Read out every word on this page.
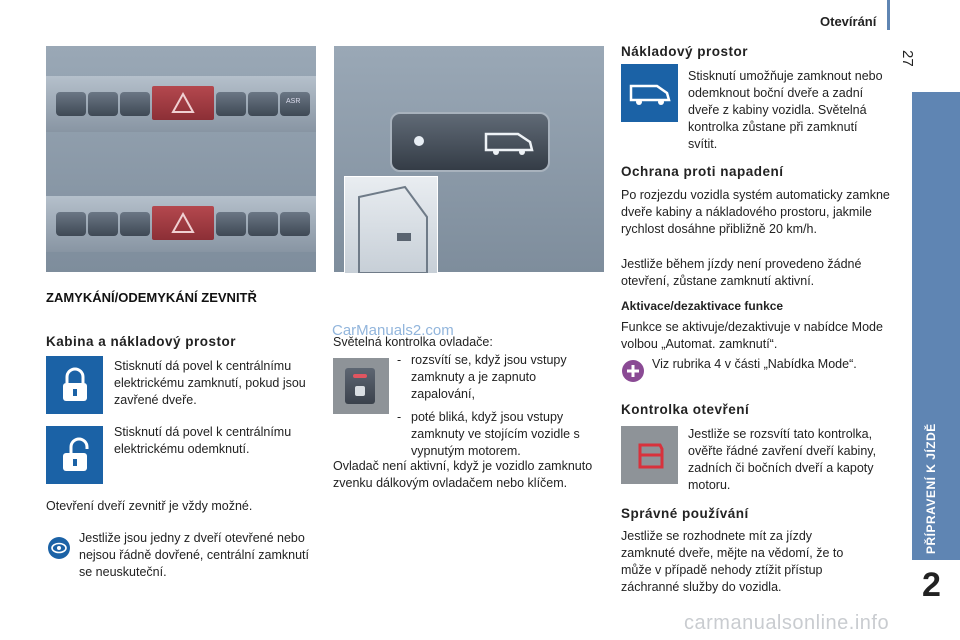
Otevírání
27
PŘÍPRAVENÍ K JÍZDĚ
2
ASR
ZAMYKÁNÍ/ODEMYKÁNÍ ZEVNITŘ
Kabina a nákladový prostor
Stisknutí dá povel k centrálnímu elektrickému zamknutí, pokud jsou zavřené dveře.
Stisknutí dá povel k centrálnímu elektrickému odemknutí.
Otevření dveří zevnitř je vždy možné.
Jestliže jsou jedny z dveří otevřené nebo nejsou řádně dovřené, centrální zamknutí se neuskuteční.
CarManuals2.com
Světelná kontrolka ovladače:
- rozsvítí se, když jsou vstupy zamknuty a je zapnuto zapalování,
- poté bliká, když jsou vstupy zamknuty ve stojícím vozidle s vypnutým motorem.
Ovladač není aktivní, když je vozidlo zamknuto zvenku dálkovým ovladačem nebo klíčem.
Nákladový prostor
Stisknutí umožňuje zamknout nebo odemknout boční dveře a zadní dveře z kabiny vozidla. Světelná kontrolka zůstane při zamknutí svítit.
Ochrana proti napadení
Po rozjezdu vozidla systém automaticky zamkne dveře kabiny a nákladového prostoru, jakmile rychlost dosáhne přibližně 20 km/h.
Jestliže během jízdy není provedeno žádné otevření, zůstane zamknutí aktivní.
Aktivace/dezaktivace funkce
Funkce se aktivuje/dezaktivuje v nabídce Mode volbou „Automat. zamknutí“.
Viz rubrika 4 v části „Nabídka Mode“.
Kontrolka otevření
Jestliže se rozsvítí tato kontrolka, ověřte řádné zavření dveří kabiny, zadních či bočních dveří a kapoty motoru.
Správné používání
Jestliže se rozhodnete mít za jízdy zamknuté dveře, mějte na vědomí, že to může v případě nehody ztížit přístup záchranné služby do vozidla.
carmanualsonline.info
